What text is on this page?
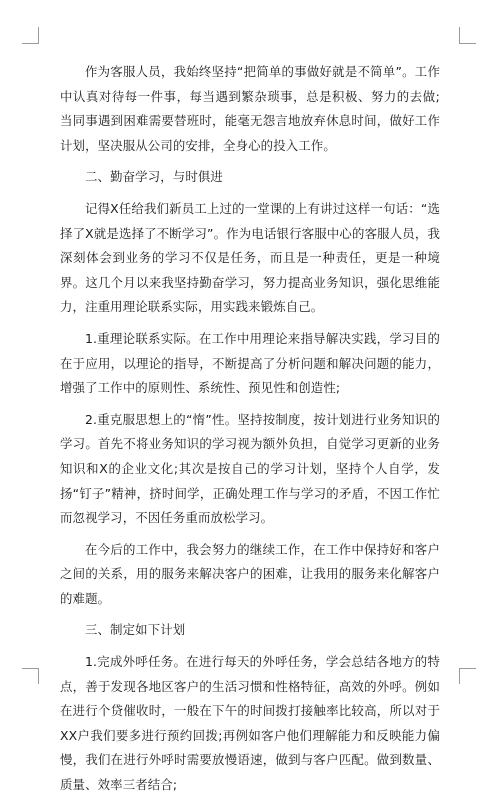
作为客服人员，我始终坚持“把简单的事做好就是不简单”。工作中认真对待每一件事，每当遇到繁杂琐事，总是积极、努力的去做;当同事遇到困难需要替班时，能毫无怨言地放弃休息时间，做好工作计划，坚决服从公司的安排，全身心的投入工作。

二、勤奋学习，与时俱进

记得X任给我们新员工上过的一堂课的上有讲过这样一句话：“选择了X就是选择了不断学习”。作为电话银行客服中心的客服人员，我深刻体会到业务的学习不仅是任务，而且是一种责任，更是一种境界。这几个月以来我坚持勤奋学习，努力提高业务知识，强化思维能力，注重用理论联系实际，用实践来锻炼自己。

1.重理论联系实际。在工作中用理论来指导解决实践，学习目的在于应用，以理论的指导，不断提高了分析问题和解决问题的能力，增强了工作中的原则性、系统性、预见性和创造性;

2.重克服思想上的“惰”性。坚持按制度，按计划进行业务知识的学习。首先不将业务知识的学习视为额外负担，自觉学习更新的业务知识和X的企业文化;其次是按自己的学习计划，坚持个人自学，发扬“钉子”精神，挤时间学，正确处理工作与学习的矛盾，不因工作忙而忽视学习，不因任务重而放松学习。

在今后的工作中，我会努力的继续工作，在工作中保持好和客户之间的关系，用的服务来解决客户的困难，让我用的服务来化解客户的难题。

三、制定如下计划

1.完成外呼任务。在进行每天的外呼任务，学会总结各地方的特点，善于发现各地区客户的生活习惯和性格特征，高效的外呼。例如在进行个贷催收时，一般在下午的时间拨打接触率比较高，所以对于XX户我们要多进行预约回拨;再例如客户他们理解能力和反映能力偏慢，我们在进行外呼时需要放慢语速，做到与客户匹配。做到数量、质量、效率三者结合;
